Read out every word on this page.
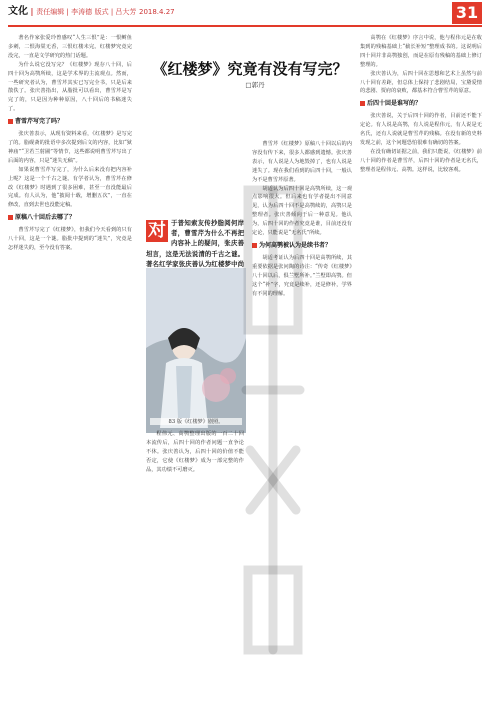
文化 | 责任编辑 | 李涛德 版式 | 吕大芳 2018.4.27	31

著名作家张爱玲曾感叹“人生三恨”是：一恨鲥鱼多刺，二恨海棠无香，三恨红楼未完。红楼梦究竟完没完，一直是文学研究的热门话题。

为什么说它没写完？《红楼梦》现存八十回，后四十回为高鹗所续，这是学术界的主流观点。然而，一些研究者认为，曹雪芹其实已写完全书，只是后来散佚了。张庆善指出，从脂批可以看出，曹雪芹是写完了的，只是因为种种原因，八十回后的书稿迷失了。

曹雪芹写完了吗？

张庆善表示，从现有资料来看，《红楼梦》是写完了的。脂砚斋的批语中多次提到后文的内容，比如“狱神庙”“卫若兰射圃”等情节，这些都说明曹雪芹写出了后面的内容，只是“迷失无稿”。

如果说曹雪芹写完了，为什么后来没有把内容补上呢？这是一个千古之谜。有学者认为，曹雪芹在修改《红楼梦》时遇到了很多困难，甚至一直没能最后完成。有人认为，他“披阅十载，增删五次”，一直在修改，直到去世也没能定稿。

原稿八十回后去哪了？

曹雪芹写完了《红楼梦》，但我们今天看到的只有八十回，这是一个谜。脂批中提到的“迷失”，究竟是怎样迷失的，至今没有答案。

《红楼梦》究竟有没有写完？
□郭丹
对 于普知索友传抄脂阅何岸者，曹雪芹为什么不再把内容补上的疑问，张庆善坦言，这是无法说清的千古之谜。著名红学家张庆善认为红楼梦中尚
83 版《红楼梦》剧照。

程伟元、高鹗整理出版的一百二十回本流传后，后四十回的作者问题一直争论不休。张庆善认为，后四十回的价值不能否定，它使《红楼梦》成为一部完整的作品，其功绩不可磨灭。

曹雪芹《红楼梦》原稿八十回以后的内容没有传下来，很多人都感到遗憾。张庆善表示，有人说是人为地毁掉了，也有人说是迷失了。现在我们看到的后四十回，一般认为不是曹雪芹原著。

胡适认为后四十回是高鹗所续，这一观点影响很大。但后来也有学者提出不同意见，认为后四十回不是高鹗续的，高鹗只是整理者。张庆善倾向于后一种意见。他认为，后四十回的作者究竟是谁，目前还没有定论，只能说是“无名氏”所续。

为何高鹗被认为是续书者？

胡适考证认为后四十回是高鹗所续，其重要依据是张问陶的诗注：“传奇《红楼梦》八十回以后，俱兰墅所补。”兰墅即高鹗。但这个“补”字，究竟是续补，还是修补，学界有不同的理解。

高鹗在《红楼梦》序言中说，他与程伟元是在收集到的残稿基础上“截长补短”整理成书的。这说明后四十回并非高鹗独创，而是在原有残稿的基础上修订整理的。

张庆善认为，后四十回在思想和艺术上虽然与前八十回有差距，但总体上保持了悲剧结局，宝黛爱情的悲剧、贾府的衰败，都基本符合曹雪芹的原意。

后四十回是谁写的？

张庆善说，关于后四十回的作者，目前还不能下定论。有人说是高鹗，有人说是程伟元，有人说是无名氏，还有人说就是曹雪芹的残稿。在没有新的史料发现之前，这个问题恐怕很难有确切的答案。

在没有确切证据之前，我们只能说，《红楼梦》前八十回的作者是曹雪芹，后四十回的作者是无名氏，整理者是程伟元、高鹗。这样说，比较客观。
